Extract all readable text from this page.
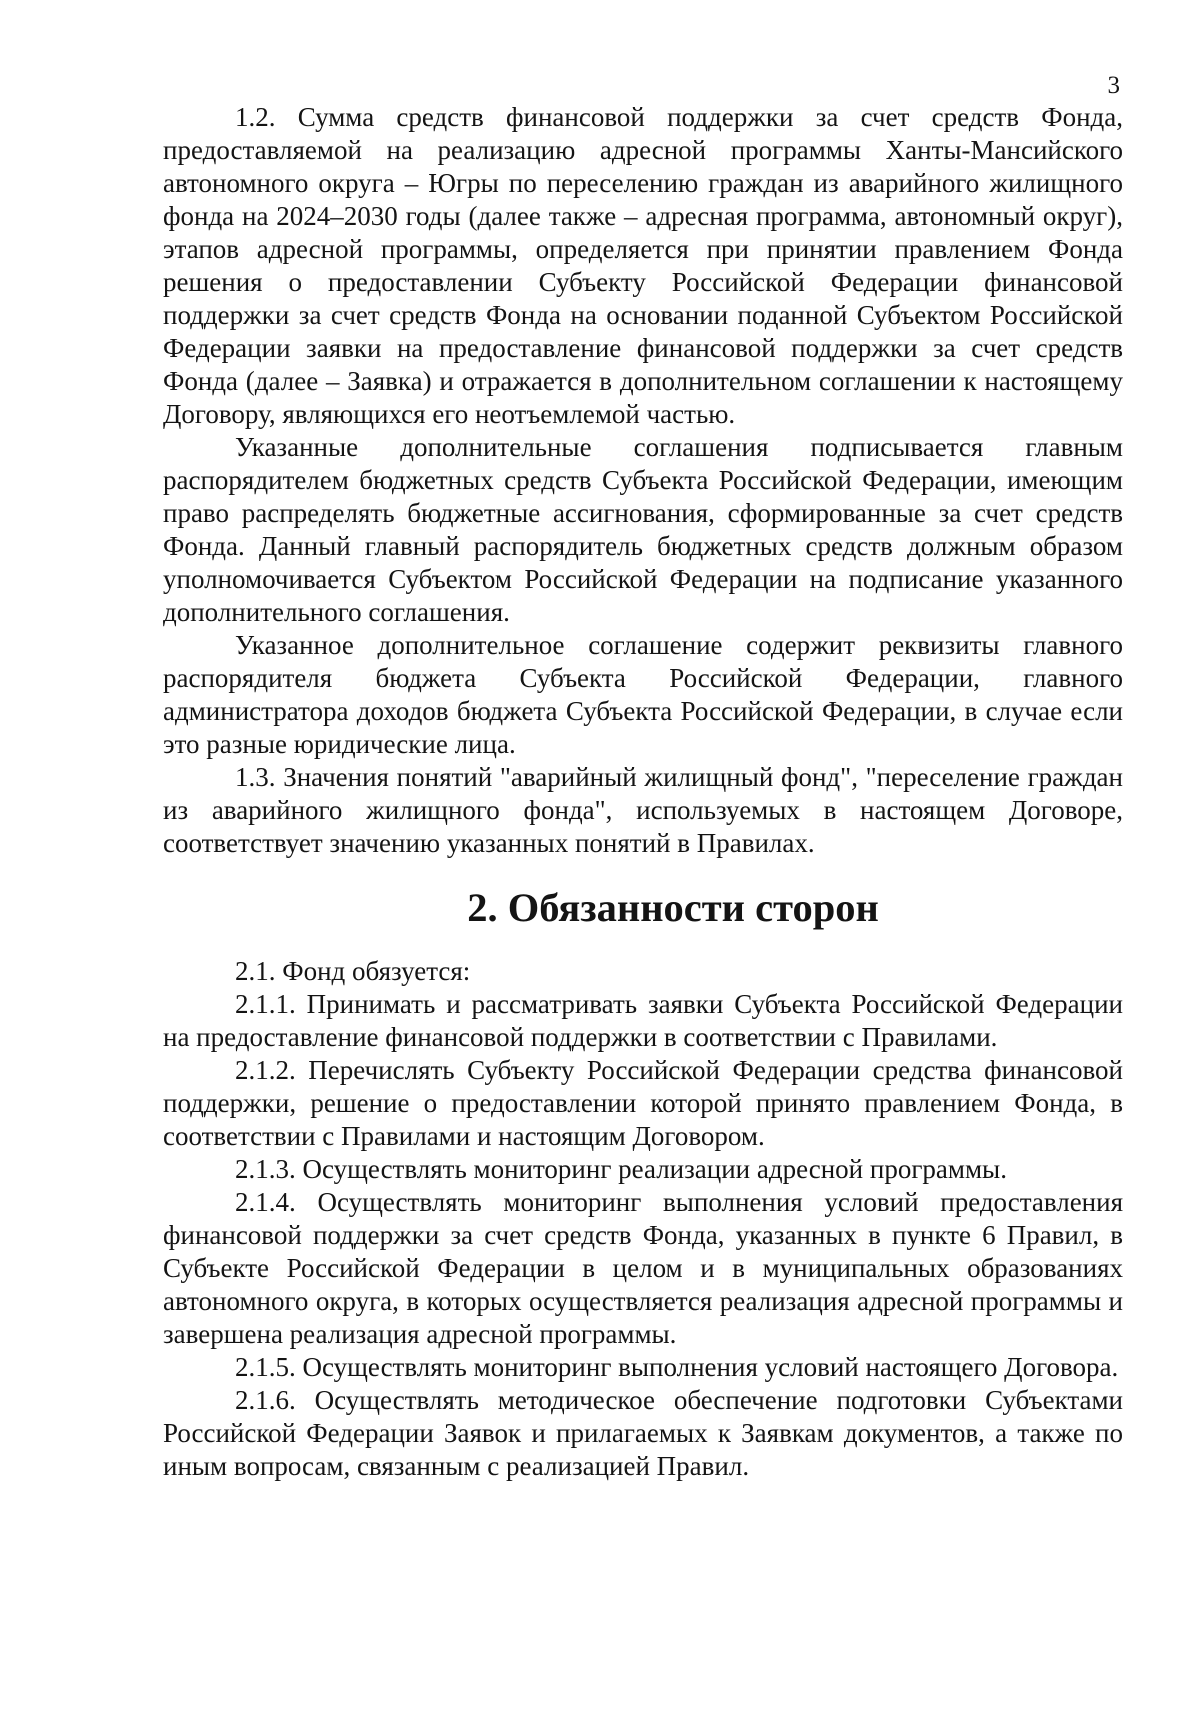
3

1.2. Сумма средств финансовой поддержки за счет средств Фонда, предоставляемой на реализацию адресной программы Ханты-Мансийского автономного округа – Югры по переселению граждан из аварийного жилищного фонда на 2024–2030 годы (далее также – адресная программа, автономный округ), этапов адресной программы, определяется при принятии правлением Фонда решения о предоставлении Субъекту Российской Федерации финансовой поддержки за счет средств Фонда на основании поданной Субъектом Российской Федерации заявки на предоставление финансовой поддержки за счет средств Фонда (далее – Заявка) и отражается в дополнительном соглашении к настоящему Договору, являющихся его неотъемлемой частью.

Указанные дополнительные соглашения подписывается главным распорядителем бюджетных средств Субъекта Российской Федерации, имеющим право распределять бюджетные ассигнования, сформированные за счет средств Фонда. Данный главный распорядитель бюджетных средств должным образом уполномочивается Субъектом Российской Федерации на подписание указанного дополнительного соглашения.

Указанное дополнительное соглашение содержит реквизиты главного распорядителя бюджета Субъекта Российской Федерации, главного администратора доходов бюджета Субъекта Российской Федерации, в случае если это разные юридические лица.

1.3. Значения понятий "аварийный жилищный фонд", "переселение граждан из аварийного жилищного фонда", используемых в настоящем Договоре, соответствует значению указанных понятий в Правилах.

2. Обязанности сторон

2.1. Фонд обязуется:

2.1.1. Принимать и рассматривать заявки Субъекта Российской Федерации на предоставление финансовой поддержки в соответствии с Правилами.

2.1.2. Перечислять Субъекту Российской Федерации средства финансовой поддержки, решение о предоставлении которой принято правлением Фонда, в соответствии с Правилами и настоящим Договором.

2.1.3. Осуществлять мониторинг реализации адресной программы.

2.1.4. Осуществлять мониторинг выполнения условий предоставления финансовой поддержки за счет средств Фонда, указанных в пункте 6 Правил, в Субъекте Российской Федерации в целом и в муниципальных образованиях автономного округа, в которых осуществляется реализация адресной программы и завершена реализация адресной программы.

2.1.5. Осуществлять мониторинг выполнения условий настоящего Договора.

2.1.6. Осуществлять методическое обеспечение подготовки Субъектами Российской Федерации Заявок и прилагаемых к Заявкам документов, а также по иным вопросам, связанным с реализацией Правил.
